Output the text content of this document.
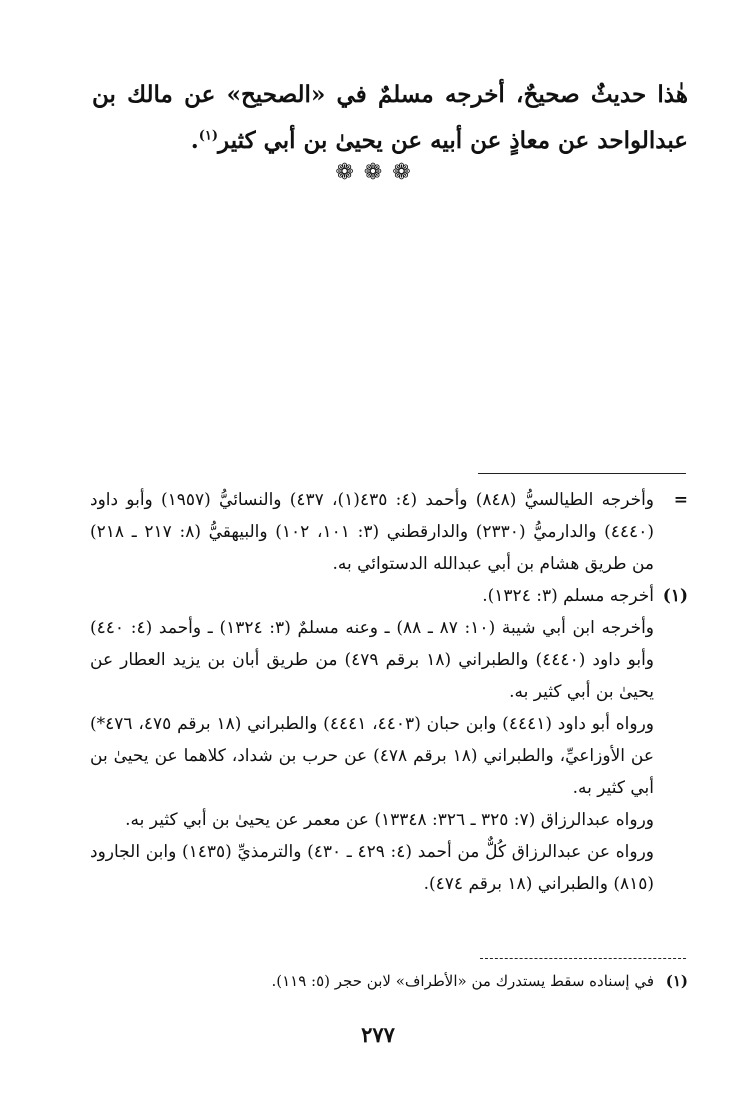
هٰذا حديثٌ صحيحٌ، أخرجه مسلمٌ في «الصحيح» عن مالك بن عبدالواحد عن معاذٍ عن أبيه عن يحيىٰ بن أبي كثير$^{(١)}$.
❁❁❁
=
وأخرجه الطيالسيُّ (٨٤٨) وأحمد (٤: ٤٣٥(١)، ٤٣٧) والنسائيُّ (١٩٥٧) وأبو داود (٤٤٤٠) والدارميُّ (٢٣٣٠) والدارقطني (٣: ١٠١، ١٠٢) والبيهقيُّ (٨: ٢١٧ ـ ٢١٨) من طريق هشام بن أبي عبدالله الدستوائي به.
(١)
أخرجه مسلم (٣: ١٣٢٤).
وأخرجه ابن أبي شيبة (١٠: ٨٧ ـ ٨٨) ـ وعنه مسلمٌ (٣: ١٣٢٤) ـ وأحمد (٤: ٤٤٠) وأبو داود (٤٤٤٠) والطبراني (١٨ برقم ٤٧٩) من طريق أبان بن يزيد العطار عن يحيىٰ بن أبي كثير به.
ورواه أبو داود (٤٤٤١) وابن حبان (٤٤٠٣، ٤٤٤١) والطبراني (١٨ برقم ٤٧٥، ٤٧٦*) عن الأوزاعيِّ، والطبراني (١٨ برقم ٤٧٨) عن حرب بن شداد، كلاهما عن يحيىٰ بن أبي كثير به.
ورواه عبدالرزاق (٧: ٣٢٥ ـ ٣٢٦: ١٣٣٤٨) عن معمر عن يحيىٰ بن أبي كثير به.
ورواه عن عبدالرزاق كُلٌّ من أحمد (٤: ٤٢٩ ـ ٤٣٠) والترمذيِّ (١٤٣٥) وابن الجارود (٨١٥) والطبراني (١٨ برقم ٤٧٤).
(١)
في إسناده سقط يستدرك من «الأطراف» لابن حجر (٥: ١١٩).
٢٧٧
